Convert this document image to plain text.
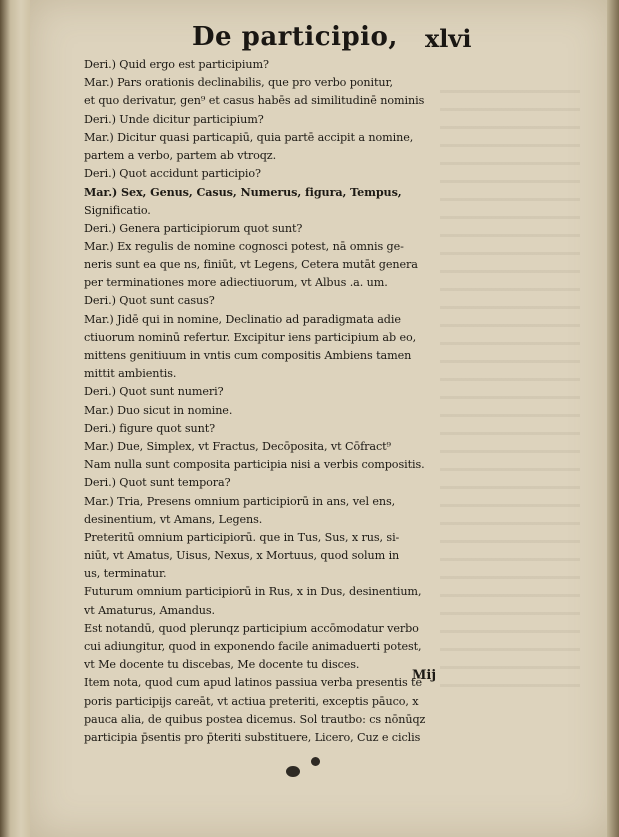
De participio, xlvi
Deri.) Quid ergo est participium?
Mar.) Pars orationis declinabilis, que pro verbo ponitur,
et quo derivatur, gen⁹ et casus habēs ad similitudinē nominis
Deri.) Unde dicitur participium?
Mar.) Dicitur quasi particapiū, quia partē accipit a nomine,
partem a verbo, partem ab vtroqz.
Deri.) Quot accidunt participio?
Mar.) Sex, Genus, Casus, Numerus, figura, Tempus,
Significatio.
Deri.) Genera participiorum quot sunt?
Mar.) Ex regulis de nomine cognosci potest, nā omnis ge-
neris sunt ea que ns, finiūt, vt Legens, Cetera mutāt genera
per terminationes more adiectiuorum, vt Albus .a. um.
Deri.) Quot sunt casus?
Mar.) Jidē qui in nomine, Declinatio ad paradigmata adie
ctiuorum nominū refertur. Excipitur iens participium ab eo,
mittens genitiuum in vntis cum compositis Ambiens tamen
mittit ambientis.
Deri.) Quot sunt numeri?
Mar.) Duo sicut in nomine.
Deri.) figure quot sunt?
Mar.) Due, Simplex, vt Fractus, Decōposita, vt Cōfract⁹
Nam nulla sunt composita participia nisi a verbis compositis.
Deri.) Quot sunt tempora?
Mar.) Tria, Presens omnium participiorū in ans, vel ens,
desinentium, vt Amans, Legens.
Preteritū omnium participiorū. que in Tus, Sus, x rus, si-
niūt, vt Amatus, Uisus, Nexus, x Mortuus, quod solum in
us, terminatur.
Futurum omnium participiorū in Rus, x in Dus, desinentium,
vt Amaturus, Amandus.
Est notandū, quod plerunqz participium accōmodatur verbo
cui adiungitur, quod in exponendo facile animaduerti potest,
vt Me docente tu discebas, Me docente tu disces.
Item nota, quod cum apud latinos passiua verba presentis tē
poris participijs careāt, vt actiua preteriti, exceptis pāuco, x
pauca alia, de quibus postea dicemus. Sol trautbo: cs nōnūqz
participia p̄sentis pro p̄teriti substituere, Licero, Cuz e ciclis
Mij
